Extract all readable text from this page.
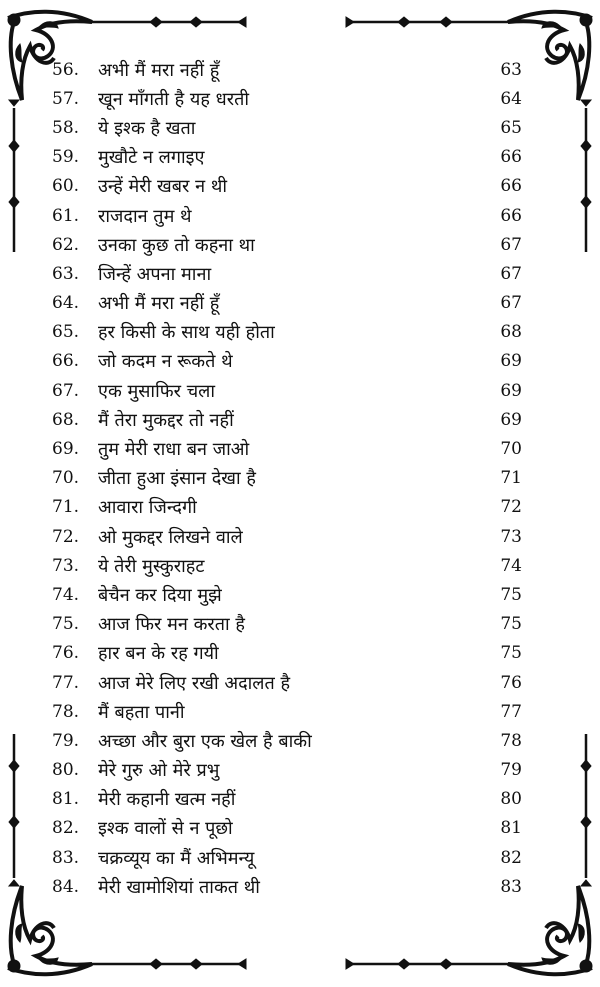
56.	अभी मैं मरा नहीं हूँ	63
57.	खून माँगती है यह धरती	64
58.	ये इश्क है खता	65
59.	मुखौटे न लगाइए	66
60.	उन्हें मेरी खबर न थी	66
61.	राजदान तुम थे	66
62.	उनका कुछ तो कहना था	67
63.	जिन्हें अपना माना	67
64.	अभी मैं मरा नहीं हूँ	67
65.	हर किसी के साथ यही होता	68
66.	जो कदम न रूकते थे	69
67.	एक मुसाफिर चला	69
68.	मैं तेरा मुकद्दर तो नहीं	69
69.	तुम मेरी राधा बन जाओ	70
70.	जीता हुआ इंसान देखा है	71
71.	आवारा जिन्दगी	72
72.	ओ मुकद्दर लिखने वाले	73
73.	ये तेरी मुस्कुराहट	74
74.	बेचैन कर दिया मुझे	75
75.	आज फिर मन करता है	75
76.	हार बन के रह गयी	75
77.	आज मेरे लिए रखी अदालत है	76
78.	मैं बहता पानी	77
79.	अच्छा और बुरा एक खेल है बाकी	78
80.	मेरे गुरु ओ मेरे प्रभु	79
81.	मेरी कहानी खत्म नहीं	80
82.	इश्क वालों से न पूछो	81
83.	चक्रव्यूय का मैं अभिमन्यू	82
84.	मेरी खामोशियां ताकत थी	83
